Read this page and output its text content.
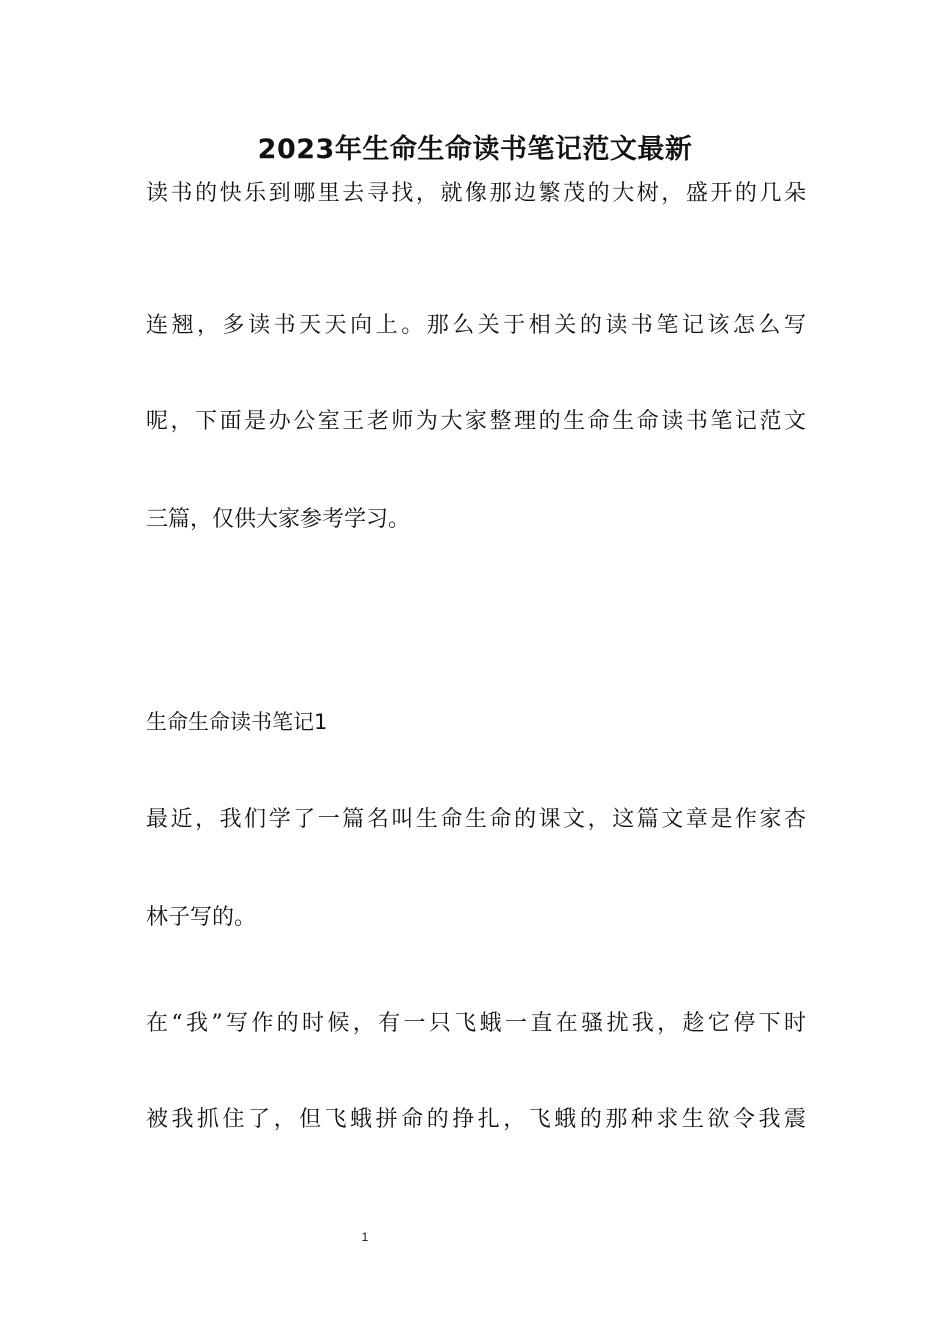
2023年生命生命读书笔记范文最新
读书的快乐到哪里去寻找，就像那边繁茂的大树，盛开的几朵
连翘，多读书天天向上。那么关于相关的读书笔记该怎么写
呢，下面是办公室王老师为大家整理的生命生命读书笔记范文
三篇，仅供大家参考学习。
生命生命读书笔记1
最近，我们学了一篇名叫生命生命的课文，这篇文章是作家杏
林子写的。
在“我”写作的时候，有一只飞蛾一直在骚扰我，趁它停下时
被我抓住了，但飞蛾拼命的挣扎，飞蛾的那种求生欲令我震
1
